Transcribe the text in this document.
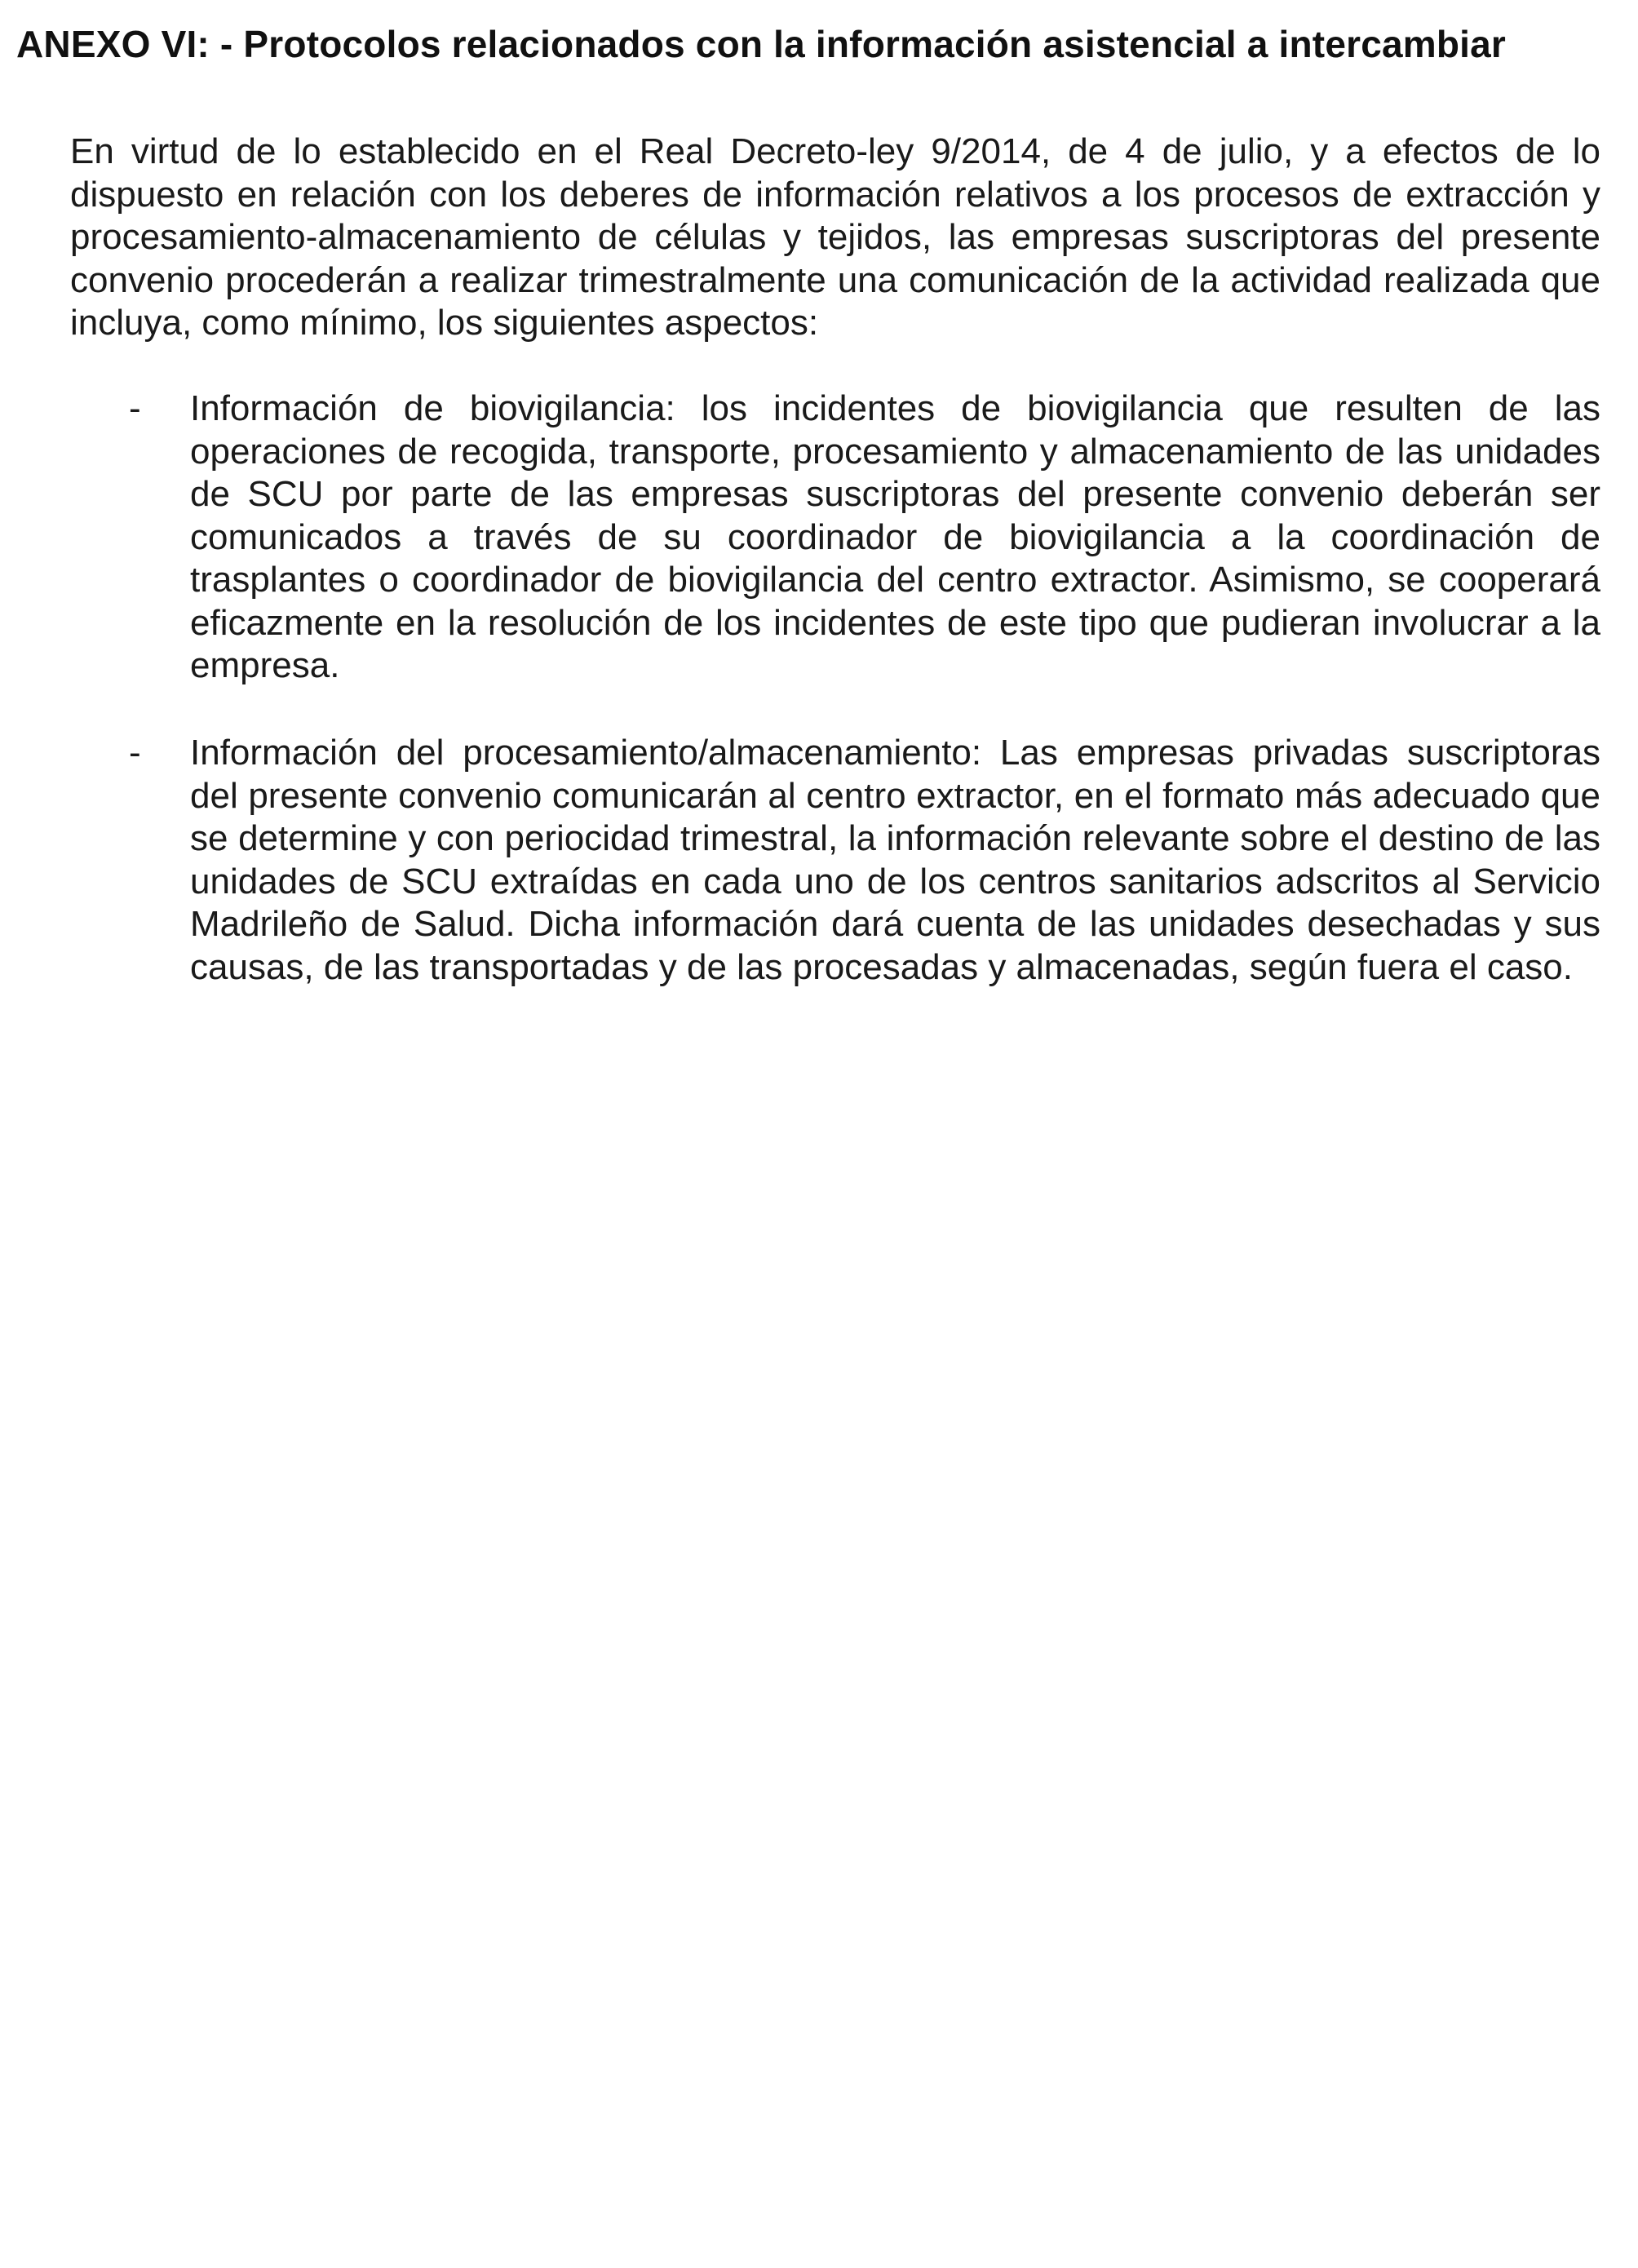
ANEXO VI: - Protocolos relacionados con la información asistencial a intercambiar

En virtud de lo establecido en el Real Decreto-ley 9/2014, de 4 de julio, y a efectos de lo dispuesto en relación con los deberes de información relativos a los procesos de extracción y procesamiento-almacenamiento de células y tejidos, las empresas suscriptoras del presente convenio procederán a realizar trimestralmente una comunicación de la actividad realizada que incluya, como mínimo, los siguientes aspectos:

- Información de biovigilancia: los incidentes de biovigilancia que resulten de las operaciones de recogida, transporte, procesamiento y almacenamiento de las unidades de SCU por parte de las empresas suscriptoras del presente convenio deberán ser comunicados a través de su coordinador de biovigilancia a la coordinación de trasplantes o coordinador de biovigilancia del centro extractor. Asimismo, se cooperará eficazmente en la resolución de los incidentes de este tipo que pudieran involucrar a la empresa.

- Información del procesamiento/almacenamiento: Las empresas privadas suscriptoras del presente convenio comunicarán al centro extractor, en el formato más adecuado que se determine y con periocidad trimestral, la información relevante sobre el destino de las unidades de SCU extraídas en cada uno de los centros sanitarios adscritos al Servicio Madrileño de Salud. Dicha información dará cuenta de las unidades desechadas y sus causas, de las transportadas y de las procesadas y almacenadas, según fuera el caso.
